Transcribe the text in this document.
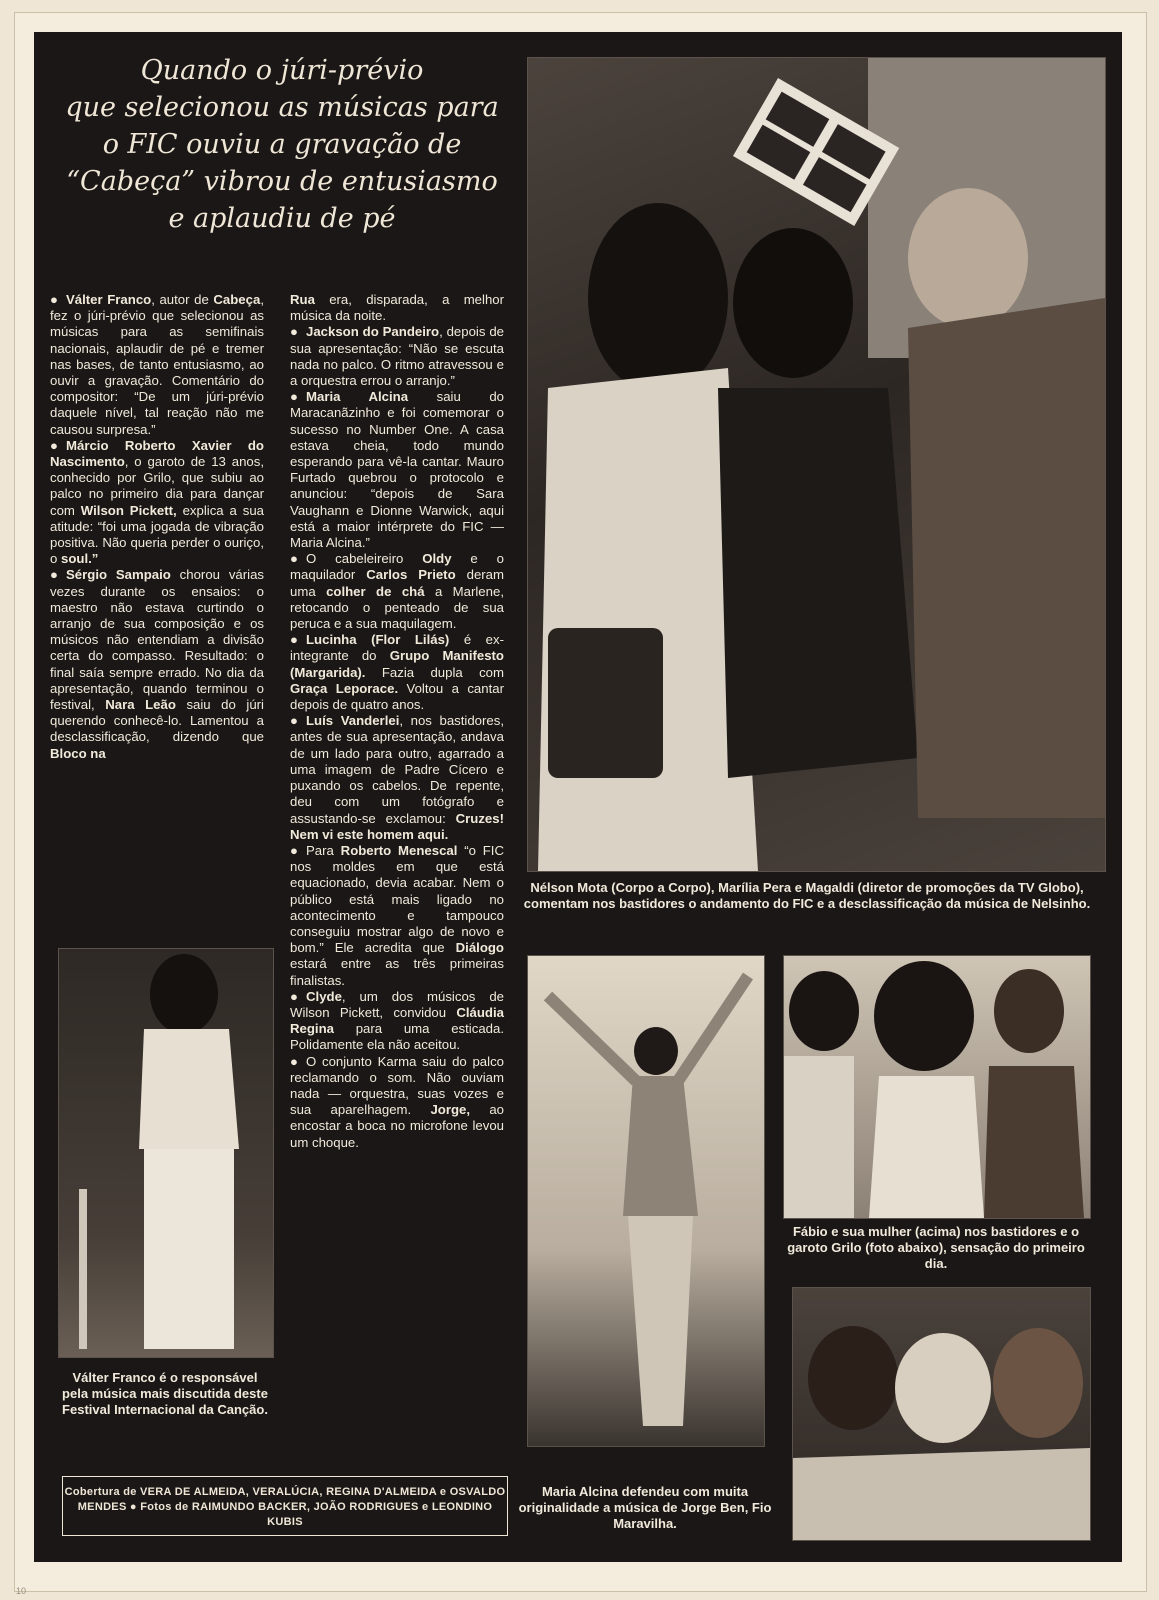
Quando o júri-prévio
que selecionou as músicas para
o FIC ouviu a gravação de
“Cabeça” vibrou de entusiasmo
e aplaudiu de pé

● Válter Franco, autor de Cabeça, fez o júri-prévio que selecionou as músicas para as semifinais nacionais, aplaudir de pé e tremer nas bases, de tanto entusiasmo, ao ouvir a gravação. Comentário do compositor: “De um júri-prévio daquele nível, tal reação não me causou surpresa.”

● Márcio Roberto Xavier do Nascimento, o garoto de 13 anos, conhecido por Grilo, que subiu ao palco no primeiro dia para dançar com Wilson Pickett, explica a sua atitude: “foi uma jogada de vibração positiva. Não queria perder o ouriço, o soul.”

● Sérgio Sampaio chorou várias vezes durante os ensaios: o maestro não estava curtindo o arranjo de sua composição e os músicos não entendiam a divisão certa do compasso. Resultado: o final saía sempre errado. No dia da apresentação, quando terminou o festival, Nara Leão saiu do júri querendo conhecê-lo. Lamentou a desclassificação, dizendo que Bloco na

Rua era, disparada, a melhor música da noite.

● Jackson do Pandeiro, depois de sua apresentação: “Não se escuta nada no palco. O ritmo atravessou e a orquestra errou o arranjo.”

● Maria Alcina saiu do Maracanãzinho e foi comemorar o sucesso no Number One. A casa estava cheia, todo mundo esperando para vê-la cantar. Mauro Furtado quebrou o protocolo e anunciou: “depois de Sara Vaughann e Dionne Warwick, aqui está a maior intérprete do FIC — Maria Alcina.”

● O cabeleireiro Oldy e o maquilador Carlos Prieto deram uma colher de chá a Marlene, retocando o penteado de sua peruca e a sua maquilagem.

● Lucinha (Flor Lilás) é ex-integrante do Grupo Manifesto (Margarida). Fazia dupla com Graça Leporace. Voltou a cantar depois de quatro anos.

● Luís Vanderlei, nos bastidores, antes de sua apresentação, andava de um lado para outro, agarrado a uma imagem de Padre Cícero e puxando os cabelos. De repente, deu com um fotógrafo e assustando-se exclamou: Cruzes! Nem vi este homem aqui.

● Para Roberto Menescal “o FIC nos moldes em que está equacionado, devia acabar. Nem o público está mais ligado no acontecimento e tampouco conseguiu mostrar algo de novo e bom.” Ele acredita que Diálogo estará entre as três primeiras finalistas.

● Clyde, um dos músicos de Wilson Pickett, convidou Cláudia Regina para uma esticada. Polidamente ela não aceitou.

● O conjunto Karma saiu do palco reclamando o som. Não ouviam nada — orquestra, suas vozes e sua aparelhagem. Jorge, ao encostar a boca no microfone levou um choque.

Nélson Mota (Corpo a Corpo), Marília Pera e Magaldi (diretor de promoções da TV Globo), comentam nos bastidores o andamento do FIC e a desclassificação da música de Nelsinho.
Válter Franco é o responsável pela música mais discutida deste Festival Internacional da Canção.
Maria Alcina defendeu com muita originalidade a música de Jorge Ben, Fio Maravilha.
Fábio e sua mulher (acima) nos bastidores e o garoto Grilo (foto abaixo), sensação do primeiro dia.
Cobertura de VERA DE ALMEIDA, VERALÚCIA, REGINA D'ALMEIDA e OSVALDO MENDES ● Fotos de RAIMUNDO BACKER, JOÃO RODRIGUES e LEONDINO KUBIS
10
